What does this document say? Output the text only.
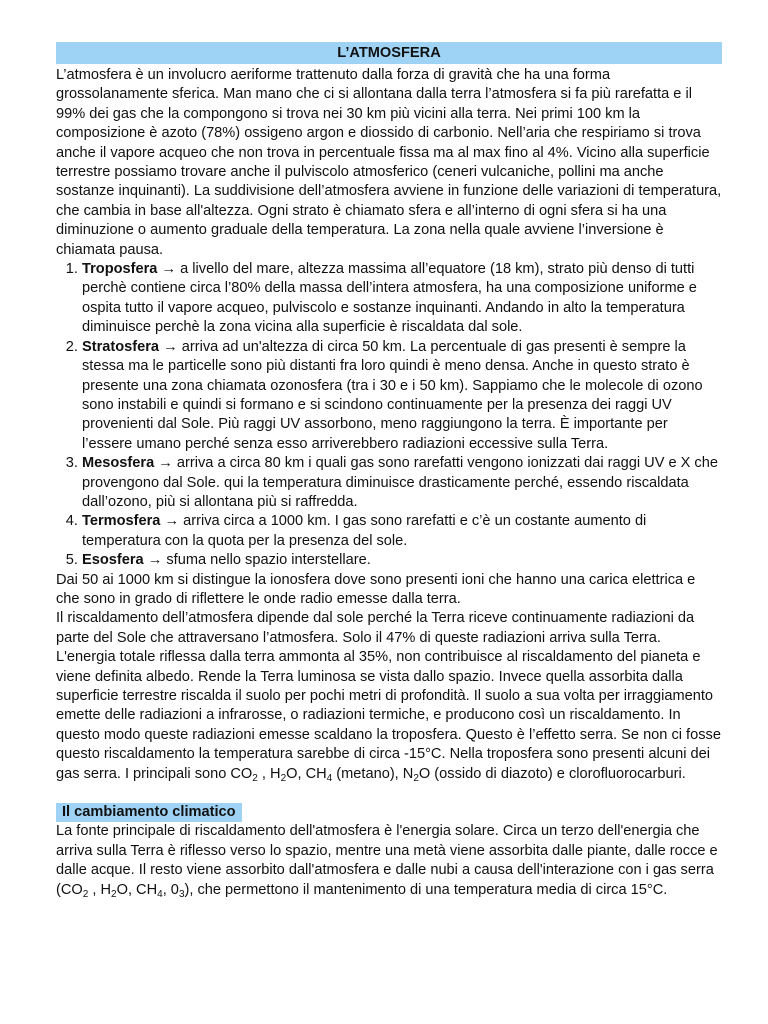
L’ATMOSFERA

L’atmosfera è un involucro aeriforme trattenuto dalla forza di gravità che ha una forma grossolanamente sferica. Man mano che ci si allontana dalla terra l’atmosfera si fa più rarefatta e il 99% dei gas che la compongono si trova nei 30 km più vicini alla terra. Nei primi 100 km la composizione è azoto (78%) ossigeno argon e diossido di carbonio. Nell’aria che respiriamo si trova anche il vapore acqueo che non trova in percentuale fissa ma al max fino al 4%. Vicino alla superficie terrestre possiamo trovare anche il pulviscolo atmosferico (ceneri vulcaniche, pollini ma anche sostanze inquinanti). La suddivisione dell’atmosfera avviene in funzione delle variazioni di temperatura, che cambia in base all'altezza. Ogni strato è chiamato sfera e all’interno di ogni sfera si ha una diminuzione o aumento graduale della temperatura. La zona nella quale avviene l’inversione è chiamata pausa.

1. Troposfera → a livello del mare, altezza massima all’equatore (18 km), strato più denso di tutti perchè contiene circa l’80% della massa dell’intera atmosfera, ha una composizione uniforme e ospita tutto il vapore acqueo, pulviscolo e sostanze inquinanti. Andando in alto la temperatura diminuisce perchè la zona vicina alla superficie è riscaldata dal sole.
2. Stratosfera → arriva ad un'altezza di circa 50 km. La percentuale di gas presenti è sempre la stessa ma le particelle sono più distanti fra loro quindi è meno densa. Anche in questo strato è presente una zona chiamata ozonosfera (tra i 30 e i 50 km). Sappiamo che le molecole di ozono sono instabili e quindi si formano e si scindono continuamente per la presenza dei raggi UV provenienti dal Sole. Più raggi UV assorbono, meno raggiungono la terra. È importante per l’essere umano perché senza esso arriverebbero radiazioni eccessive sulla Terra.
3. Mesosfera → arriva a circa 80 km i quali gas sono rarefatti vengono ionizzati dai raggi UV e X che provengono dal Sole. qui la temperatura diminuisce drasticamente perché, essendo riscaldata dall’ozono, più si allontana più si raffredda.
4. Termosfera → arriva circa a 1000 km. I gas sono rarefatti e c’è un costante aumento di temperatura con la quota per la presenza del sole.
5. Esosfera → sfuma nello spazio interstellare.

Dai 50 ai 1000 km si distingue la ionosfera dove sono presenti ioni che hanno una carica elettrica e che sono in grado di riflettere le onde radio emesse dalla terra.

Il riscaldamento dell’atmosfera dipende dal sole perché la Terra riceve continuamente radiazioni da parte del Sole che attraversano l’atmosfera. Solo il 47% di queste radiazioni arriva sulla Terra. L'energia totale riflessa dalla terra ammonta al 35%, non contribuisce al riscaldamento del pianeta e viene definita albedo. Rende la Terra luminosa se vista dallo spazio. Invece quella assorbita dalla superficie terrestre riscalda il suolo per pochi metri di profondità. Il suolo a sua volta per irraggiamento emette delle radiazioni a infrarosse, o radiazioni termiche, e producono così un riscaldamento. In questo modo queste radiazioni emesse scaldano la troposfera. Questo è l’effetto serra. Se non ci fosse questo riscaldamento la temperatura sarebbe di circa -15°C. Nella troposfera sono presenti alcuni dei gas serra. I principali sono $CO_2$ , $H_2O$, $CH_4$ (metano), $N_2O$ (ossido di diazoto) e clorofluorocarburi.

Il cambiamento climatico

La fonte principale di riscaldamento dell'atmosfera è l'energia solare. Circa un terzo dell'energia che arriva sulla Terra è riflesso verso lo spazio, mentre una metà viene assorbita dalle piante, dalle rocce e dalle acque. Il resto viene assorbito dall'atmosfera e dalle nubi a causa dell'interazione con i gas serra ($CO_2$ , $H_2O$, $CH_4$, $0_3$), che permettono il mantenimento di una temperatura media di circa 15°C.
